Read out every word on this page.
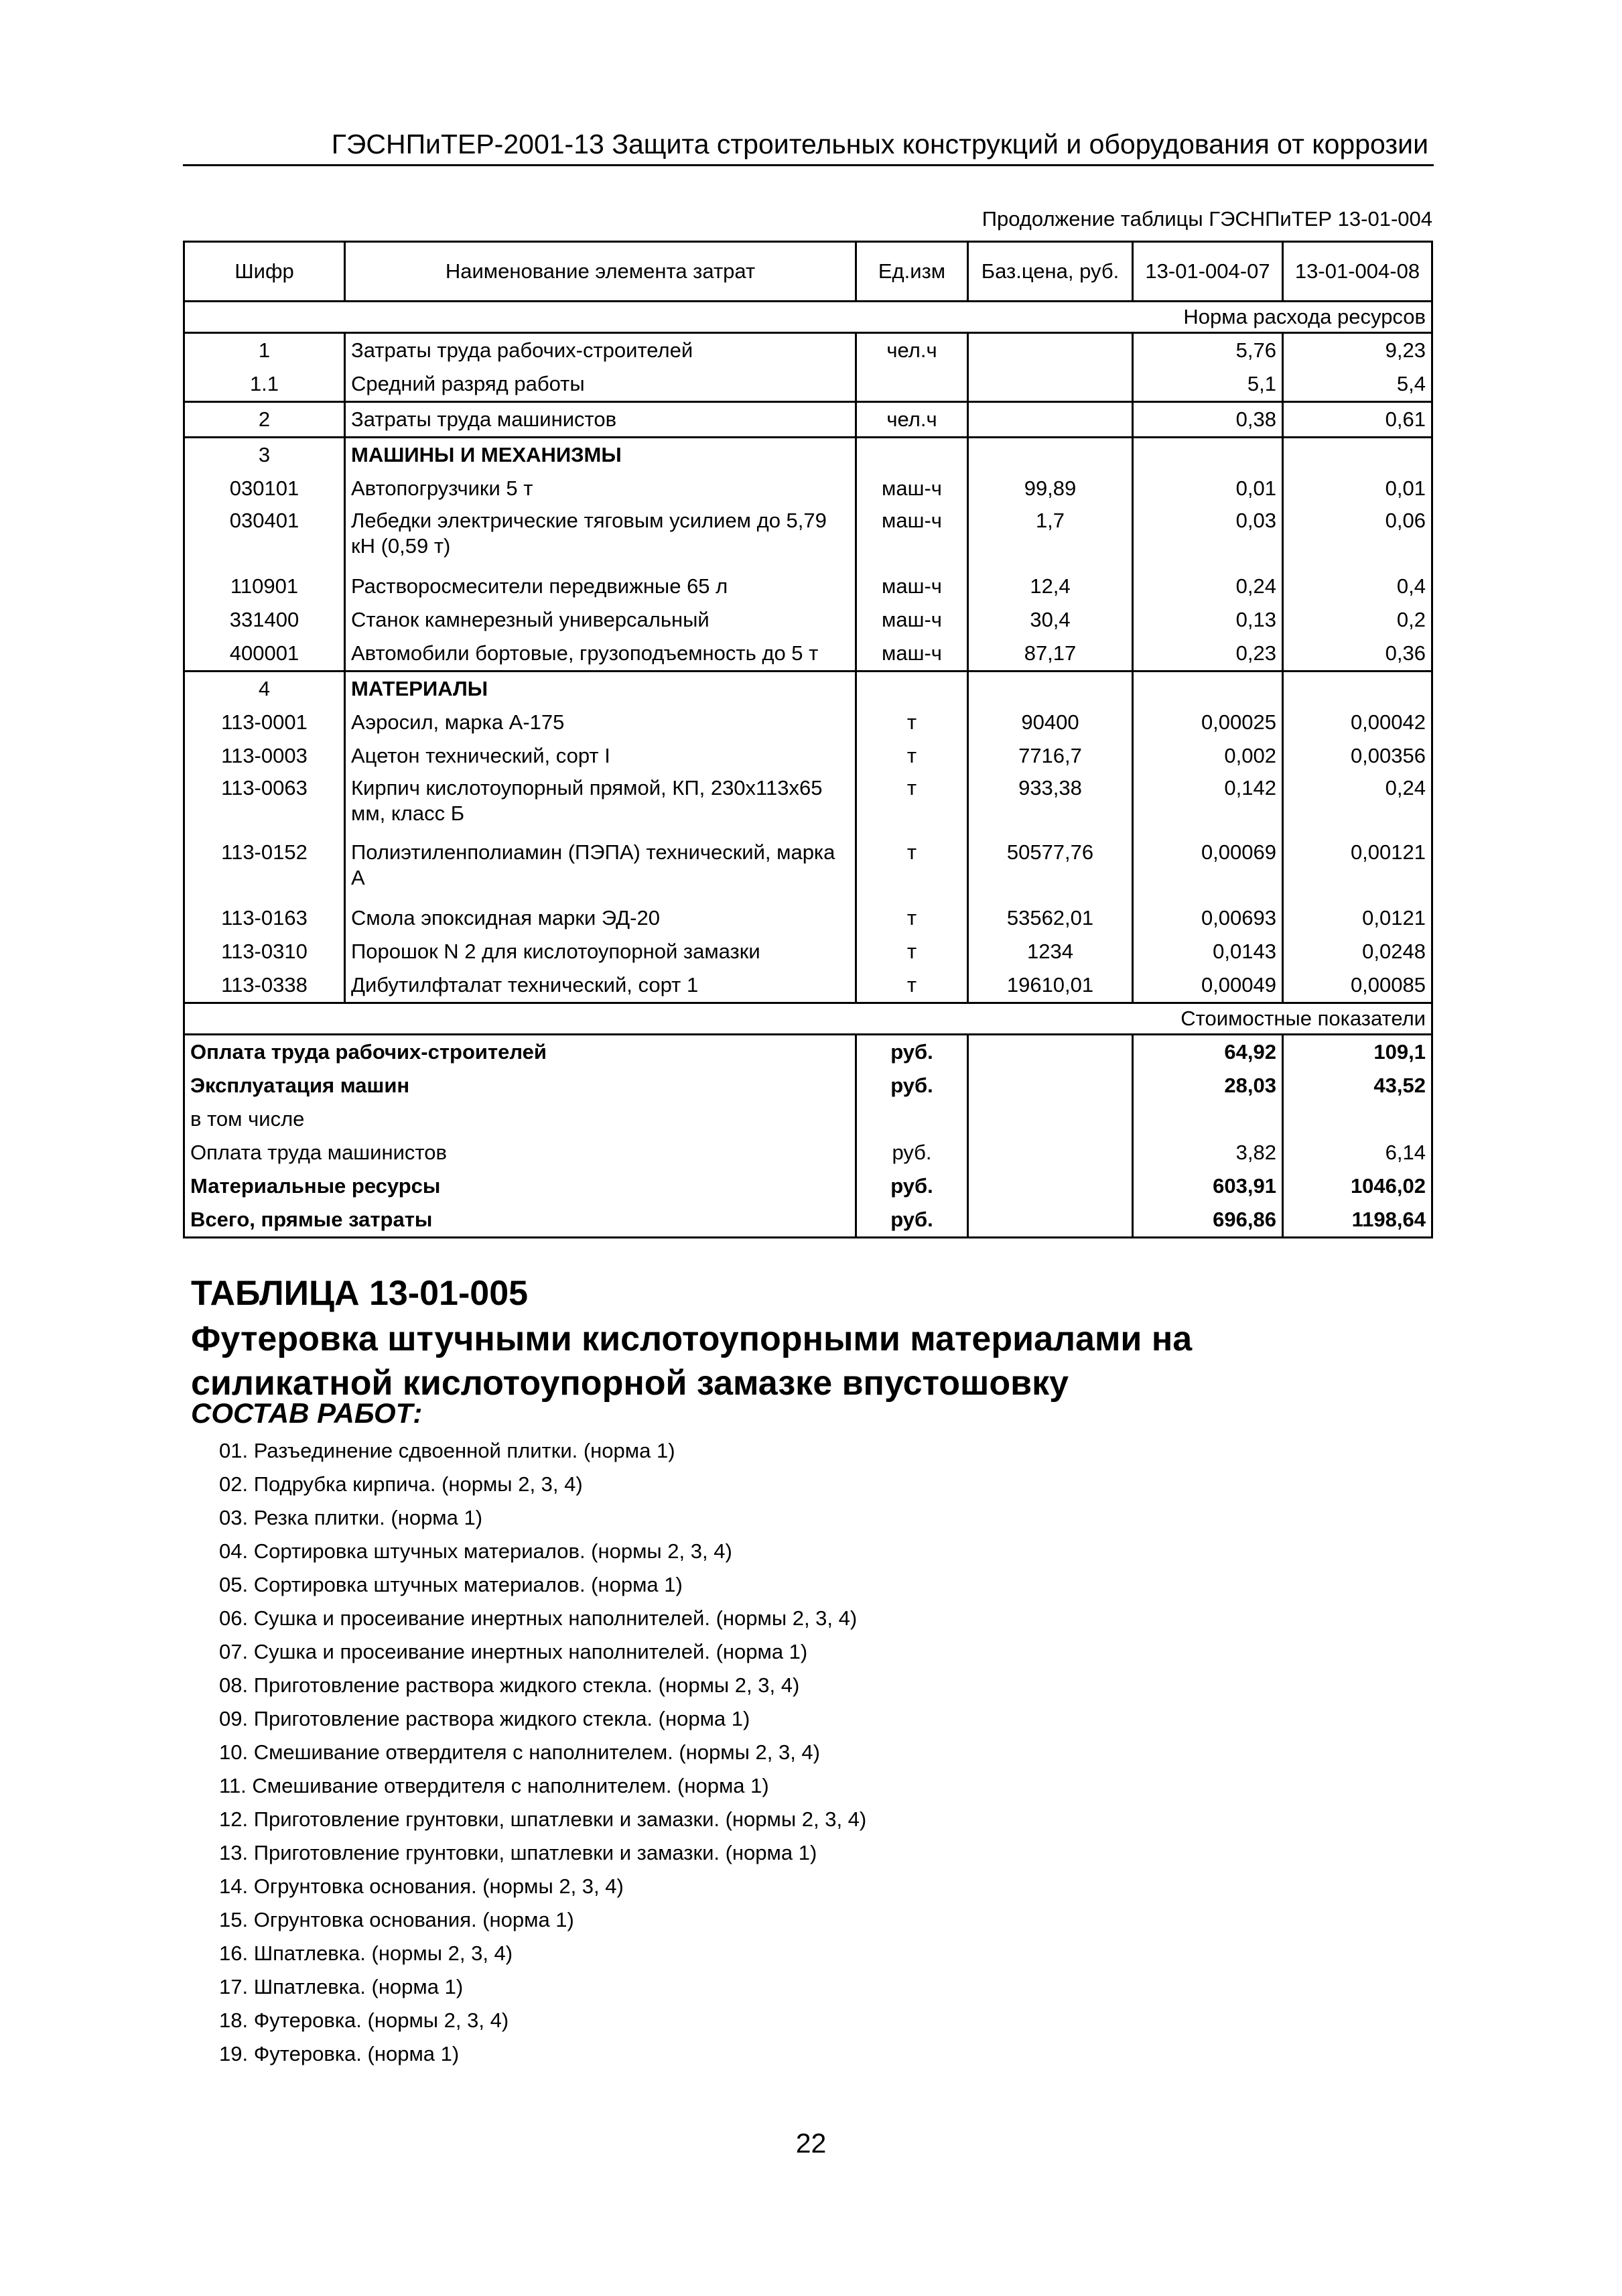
ГЭСНПиТЕР-2001-13 Защита строительных конструкций и оборудования от коррозии
Продолжение таблицы ГЭСНПиТЕР 13-01-004
Шифр	Наименование элемента затрат	Ед.изм	Баз.цена, руб.	13-01-004-07	13-01-004-08
Норма расхода ресурсов					
1	Затраты труда рабочих-строителей	чел.ч		5,76	9,23
1.1	Средний разряд работы			5,1	5,4
2	Затраты труда машинистов	чел.ч		0,38	0,61
3	МАШИНЫ И МЕХАНИЗМЫ				
030101	Автопогрузчики 5 т	маш-ч	99,89	0,01	0,01
030401	Лебедки электрические тяговым усилием до 5,79 кН (0,59 т)	маш-ч	1,7	0,03	0,06
110901	Растворосмесители передвижные 65 л	маш-ч	12,4	0,24	0,4
331400	Станок камнерезный универсальный	маш-ч	30,4	0,13	0,2
400001	Автомобили бортовые, грузоподъемность до 5 т	маш-ч	87,17	0,23	0,36
4	МАТЕРИАЛЫ				
113-0001	Аэросил, марка А-175	т	90400	0,00025	0,00042
113-0003	Ацетон технический, сорт I	т	7716,7	0,002	0,00356
113-0063	Кирпич кислотоупорный прямой, КП, 230х113х65 мм, класс Б	т	933,38	0,142	0,24
113-0152	Полиэтиленполиамин (ПЭПА) технический, марка А	т	50577,76	0,00069	0,00121
113-0163	Смола эпоксидная марки ЭД-20	т	53562,01	0,00693	0,0121
113-0310	Порошок N 2 для кислотоупорной замазки	т	1234	0,0143	0,0248
113-0338	Дибутилфталат технический, сорт 1	т	19610,01	0,00049	0,00085
Стоимостные показатели					
Оплата труда рабочих-строителей		руб.		64,92	109,1
Эксплуатация машин		руб.		28,03	43,52
в том числе					
Оплата труда машинистов		руб.		3,82	6,14
Материальные ресурсы		руб.		603,91	1046,02
Всего, прямые затраты		руб.		696,86	1198,64
ТАБЛИЦА 13-01-005
Футеровка штучными кислотоупорными материалами на силикатной кислотоупорной замазке впустошовку
СОСТАВ РАБОТ:
01. Разъединение сдвоенной плитки. (норма 1)
02. Подрубка кирпича. (нормы 2, 3, 4)
03. Резка плитки. (норма 1)
04. Сортировка штучных материалов. (нормы 2, 3, 4)
05. Сортировка штучных материалов. (норма 1)
06. Сушка и просеивание инертных наполнителей. (нормы 2, 3, 4)
07. Сушка и просеивание инертных наполнителей. (норма 1)
08. Приготовление раствора жидкого стекла. (нормы 2, 3, 4)
09. Приготовление раствора жидкого стекла. (норма 1)
10. Смешивание отвердителя с наполнителем. (нормы 2, 3, 4)
11. Смешивание отвердителя с наполнителем. (норма 1)
12. Приготовление грунтовки, шпатлевки и замазки. (нормы 2, 3, 4)
13. Приготовление грунтовки, шпатлевки и замазки. (норма 1)
14. Огрунтовка основания. (нормы 2, 3, 4)
15. Огрунтовка основания. (норма 1)
16. Шпатлевка. (нормы 2, 3, 4)
17. Шпатлевка. (норма 1)
18. Футеровка. (нормы 2, 3, 4)
19. Футеровка. (норма 1)
22
